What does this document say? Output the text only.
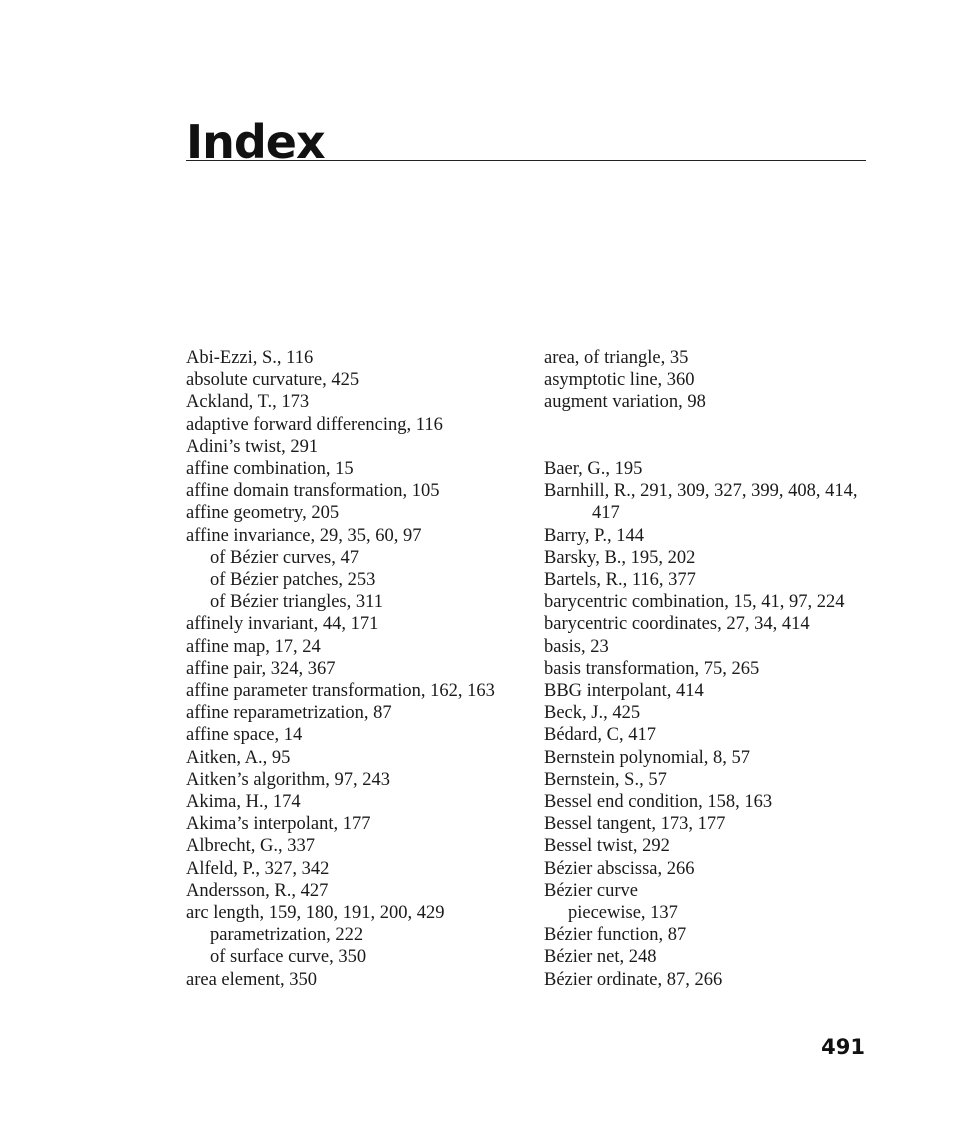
Index
Abi-Ezzi, S., 116
absolute curvature, 425
Ackland, T., 173
adaptive forward differencing, 116
Adini’s twist, 291
affine combination, 15
affine domain transformation, 105
affine geometry, 205
affine invariance, 29, 35, 60, 97
of Bézier curves, 47
of Bézier patches, 253
of Bézier triangles, 311
affinely invariant, 44, 171
affine map, 17, 24
affine pair, 324, 367
affine parameter transformation, 162, 163
affine reparametrization, 87
affine space, 14
Aitken, A., 95
Aitken’s algorithm, 97, 243
Akima, H., 174
Akima’s interpolant, 177
Albrecht, G., 337
Alfeld, P., 327, 342
Andersson, R., 427
arc length, 159, 180, 191, 200, 429
parametrization, 222
of surface curve, 350
area element, 350
area, of triangle, 35
asymptotic line, 360
augment variation, 98
Baer, G., 195
Barnhill, R., 291, 309, 327, 399, 408, 414, 417
Barry, P., 144
Barsky, B., 195, 202
Bartels, R., 116, 377
barycentric combination, 15, 41, 97, 224
barycentric coordinates, 27, 34, 414
basis, 23
basis transformation, 75, 265
BBG interpolant, 414
Beck, J., 425
Bédard, C, 417
Bernstein polynomial, 8, 57
Bernstein, S., 57
Bessel end condition, 158, 163
Bessel tangent, 173, 177
Bessel twist, 292
Bézier abscissa, 266
Bézier curve
piecewise, 137
Bézier function, 87
Bézier net, 248
Bézier ordinate, 87, 266
491
